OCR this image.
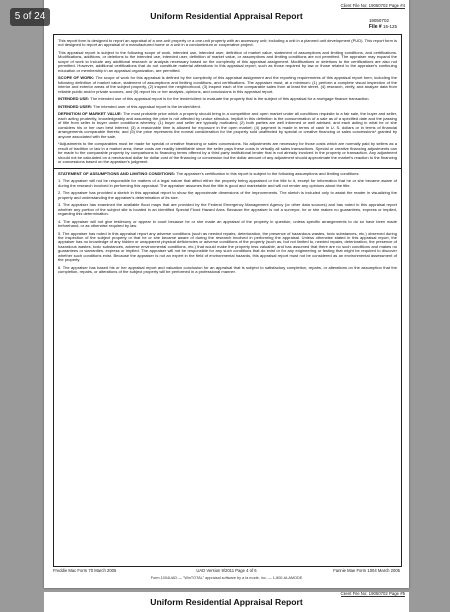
5 of 24
Client File No: 19050702 Page #4
Uniform Residential Appraisal Report	19050702
File # 15-125

This report form is designed to report an appraisal of a one-unit property or a one-unit property with an accessory unit; including a unit in a planned unit development (PUD). This report form is not designed to report an appraisal of a manufactured home or a unit in a condominium or cooperative project.

This appraisal report is subject to the following scope of work, intended use, intended user, definition of market value, statement of assumptions and limiting conditions, and certifications. Modifications, additions, or deletions to the intended use, intended user, definition of market value, or assumptions and limiting conditions are not permitted. The appraiser may expand the scope of work to include any additional research or analysis necessary based on the complexity of this appraisal assignment. Modifications or deletions to the certifications are also not permitted. However, additional certifications that do not constitute material alterations to this appraisal report, such as those required by law or those related to the appraiser's continuing education or membership in an appraisal organization, are permitted.

SCOPE OF WORK: The scope of work for this appraisal is defined by the complexity of this appraisal assignment and the reporting requirements of this appraisal report form, including the following definition of market value, statement of assumptions and limiting conditions, and certifications. The appraiser must, at a minimum: (1) perform a complete visual inspection of the interior and exterior areas of the subject property, (2) inspect the neighborhood, (3) inspect each of the comparable sales from at least the street, (4) research, verify, and analyze data from reliable public and/or private sources, and (5) report his or her analysis, opinions, and conclusions in this appraisal report.

INTENDED USE: The intended use of this appraisal report is for the lender/client to evaluate the property that is the subject of this appraisal for a mortgage finance transaction.

INTENDED USER: The intended user of this appraisal report is the lender/client.

DEFINITION OF MARKET VALUE: The most probable price which a property should bring in a competitive and open market under all conditions requisite to a fair sale, the buyer and seller, each acting prudently, knowledgeably and assuming the price is not affected by undue stimulus. Implicit in this definition is the consummation of a sale as of a specified date and the passing of title from seller to buyer under conditions whereby: (1) buyer and seller are typically motivated; (2) both parties are well informed or well advised, and each acting in what he or she considers his or her own best interest; (3) a reasonable time is allowed for exposure in the open market; (4) payment is made in terms of cash in U. S. dollars or in terms of financial arrangements comparable thereto; and (5) the price represents the normal consideration for the property sold unaffected by special or creative financing or sales concessions* granted by anyone associated with the sale.

*Adjustments to the comparables must be made for special or creative financing or sales concessions. No adjustments are necessary for those costs which are normally paid by sellers as a result of tradition or law in a market area; these costs are readily identifiable since the seller pays these costs in virtually all sales transactions. Special or creative financing adjustments can be made to the comparable property by comparisons to financing terms offered by a third party institutional lender that is not already involved in the property or transaction. Any adjustment should not be calculated on a mechanical dollar for dollar cost of the financing or concession but the dollar amount of any adjustment should approximate the market's reaction to the financing or concessions based on the appraiser's judgment.

STATEMENT OF ASSUMPTIONS AND LIMITING CONDITIONS: The appraiser's certification in this report is subject to the following assumptions and limiting conditions:

1. The appraiser will not be responsible for matters of a legal nature that affect either the property being appraised or the title to it, except for information that he or she became aware of during the research involved in performing this appraisal. The appraiser assumes that the title is good and marketable and will not render any opinions about the title.

2. The appraiser has provided a sketch in this appraisal report to show the approximate dimensions of the improvements. The sketch is included only to assist the reader in visualizing the property and understanding the appraiser's determination of its size.

3. The appraiser has examined the available flood maps that are provided by the Federal Emergency Management Agency (or other data sources) and has noted in this appraisal report whether any portion of the subject site is located in an identified Special Flood Hazard Area. Because the appraiser is not a surveyor, he or she makes no guarantees, express or implied, regarding this determination.

4. The appraiser will not give testimony or appear in court because he or she made an appraisal of the property in question, unless specific arrangements to do so have been made beforehand, or as otherwise required by law.

5. The appraiser has noted in this appraisal report any adverse conditions (such as needed repairs, deterioration, the presence of hazardous wastes, toxic substances, etc.) observed during the inspection of the subject property or that he or she became aware of during the research involved in performing the appraisal. Unless otherwise stated in this appraisal report, the appraiser has no knowledge of any hidden or unapparent physical deficiencies or adverse conditions of the property (such as, but not limited to, needed repairs, deterioration, the presence of hazardous wastes, toxic substances, adverse environmental conditions, etc.) that would make the property less valuable, and has assumed that there are no such conditions and makes no guarantees or warranties, express or implied. The appraiser will not be responsible for any such conditions that do exist or for any engineering or testing that might be required to discover whether such conditions exist. Because the appraiser is not an expert in the field of environmental hazards, this appraisal report must not be considered as an environmental assessment of the property.

6. The appraiser has based his or her appraisal report and valuation conclusion for an appraisal that is subject to satisfactory completion, repairs, or alterations on the assumption that the completion, repairs, or alterations of the subject property will be performed in a professional manner.

Freddie Mac Form 70 March 2005	UAD Version 9/2011 Page 4 of 6	Fannie Mae Form 1004 March 2005
Form 1004UAD — "WinTOTAL" appraisal software by a la mode, inc. — 1-800-ALAMODE
Client File No: 19050702 Page #5
Uniform Residential Appraisal Report
